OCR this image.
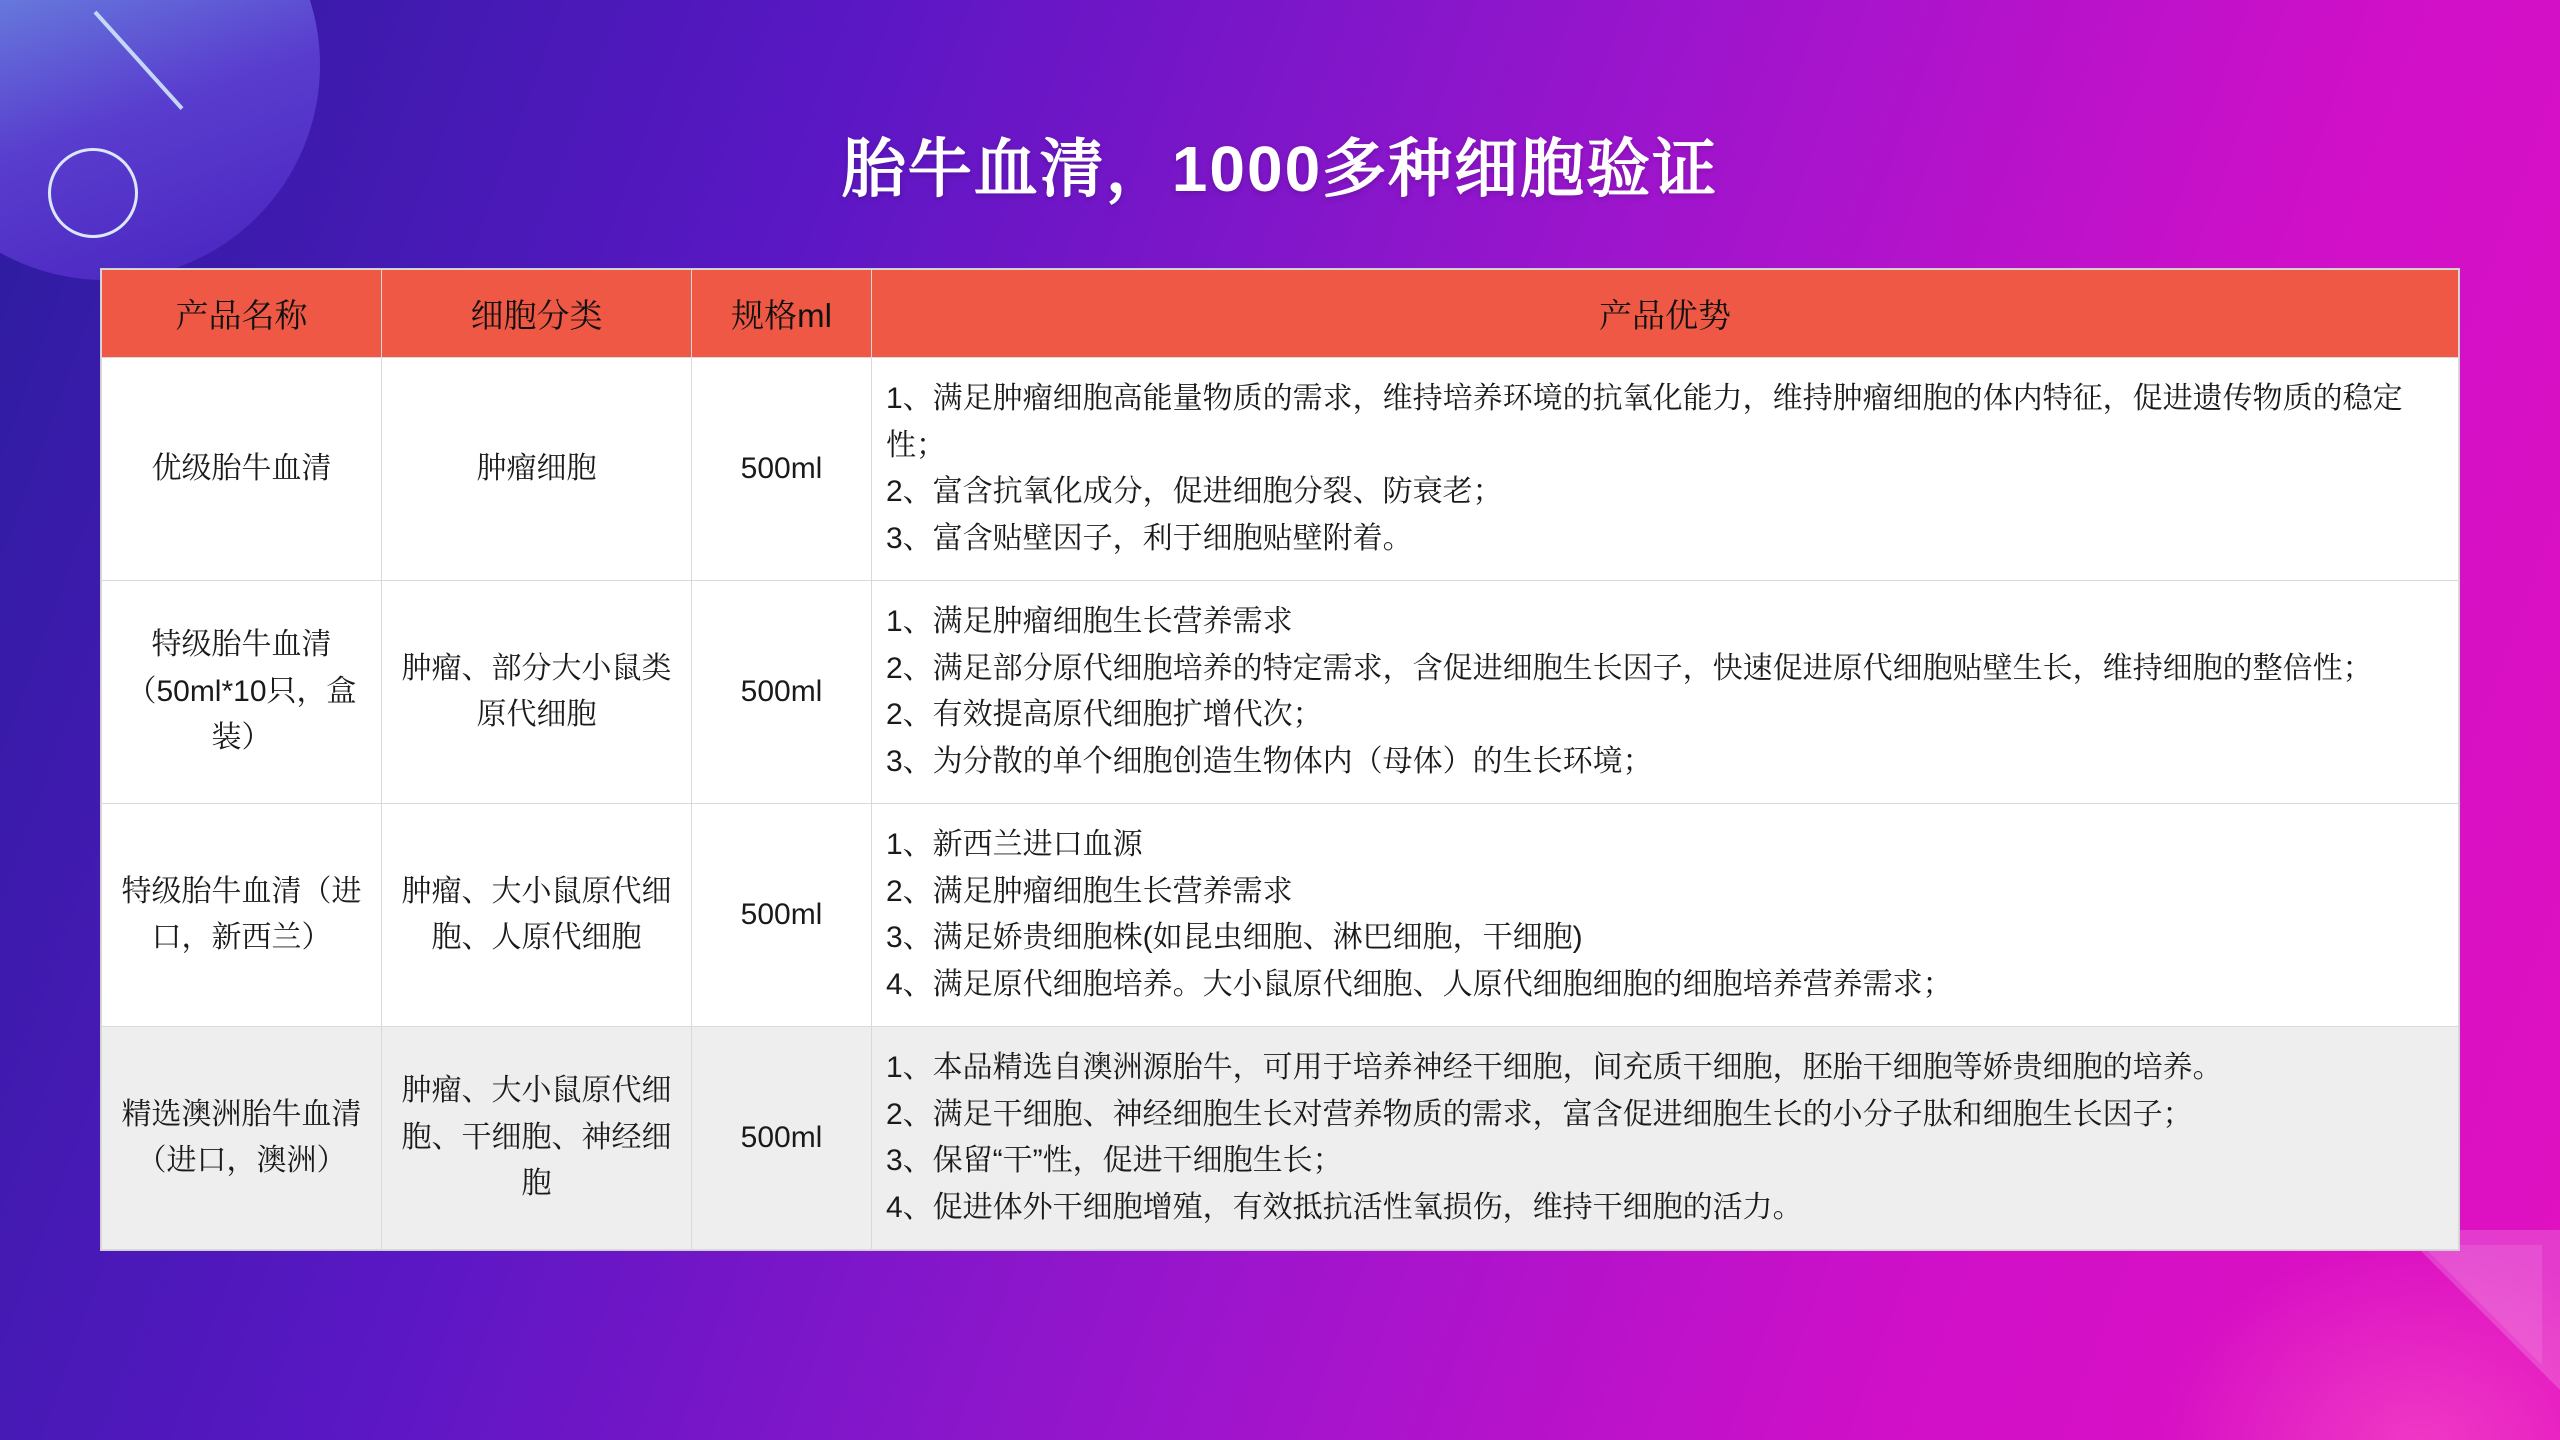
胎牛血清，1000多种细胞验证
产品名称	细胞分类	规格ml	产品优势
优级胎牛血清	肿瘤细胞	500ml	1、满足肿瘤细胞高能量物质的需求，维持培养环境的抗氧化能力，维持肿瘤细胞的体内特征，促进遗传物质的稳定性；
2、富含抗氧化成分，促进细胞分裂、防衰老；
3、富含贴壁因子，利于细胞贴壁附着。

特级胎牛血清（50ml*10只，盒装）	肿瘤、部分大小鼠类原代细胞	500ml	1、满足肿瘤细胞生长营养需求
2、满足部分原代细胞培养的特定需求，含促进细胞生长因子，快速促进原代细胞贴壁生长，维持细胞的整倍性；
2、有效提高原代细胞扩增代次；
3、为分散的单个细胞创造生物体内（母体）的生长环境；

特级胎牛血清（进口，新西兰）	肿瘤、大小鼠原代细胞、人原代细胞	500ml	1、新西兰进口血源
2、满足肿瘤细胞生长营养需求
3、满足娇贵细胞株(如昆虫细胞、淋巴细胞，干细胞)
4、满足原代细胞培养。大小鼠原代细胞、人原代细胞细胞的细胞培养营养需求；

精选澳洲胎牛血清（进口，澳洲）	肿瘤、大小鼠原代细胞、干细胞、神经细胞	500ml	1、本品精选自澳洲源胎牛，可用于培养神经干细胞，间充质干细胞，胚胎干细胞等娇贵细胞的培养。
2、满足干细胞、神经细胞生长对营养物质的需求，富含促进细胞生长的小分子肽和细胞生长因子；
3、保留“干”性，促进干细胞生长；
4、促进体外干细胞增殖，有效抵抗活性氧损伤，维持干细胞的活力。
